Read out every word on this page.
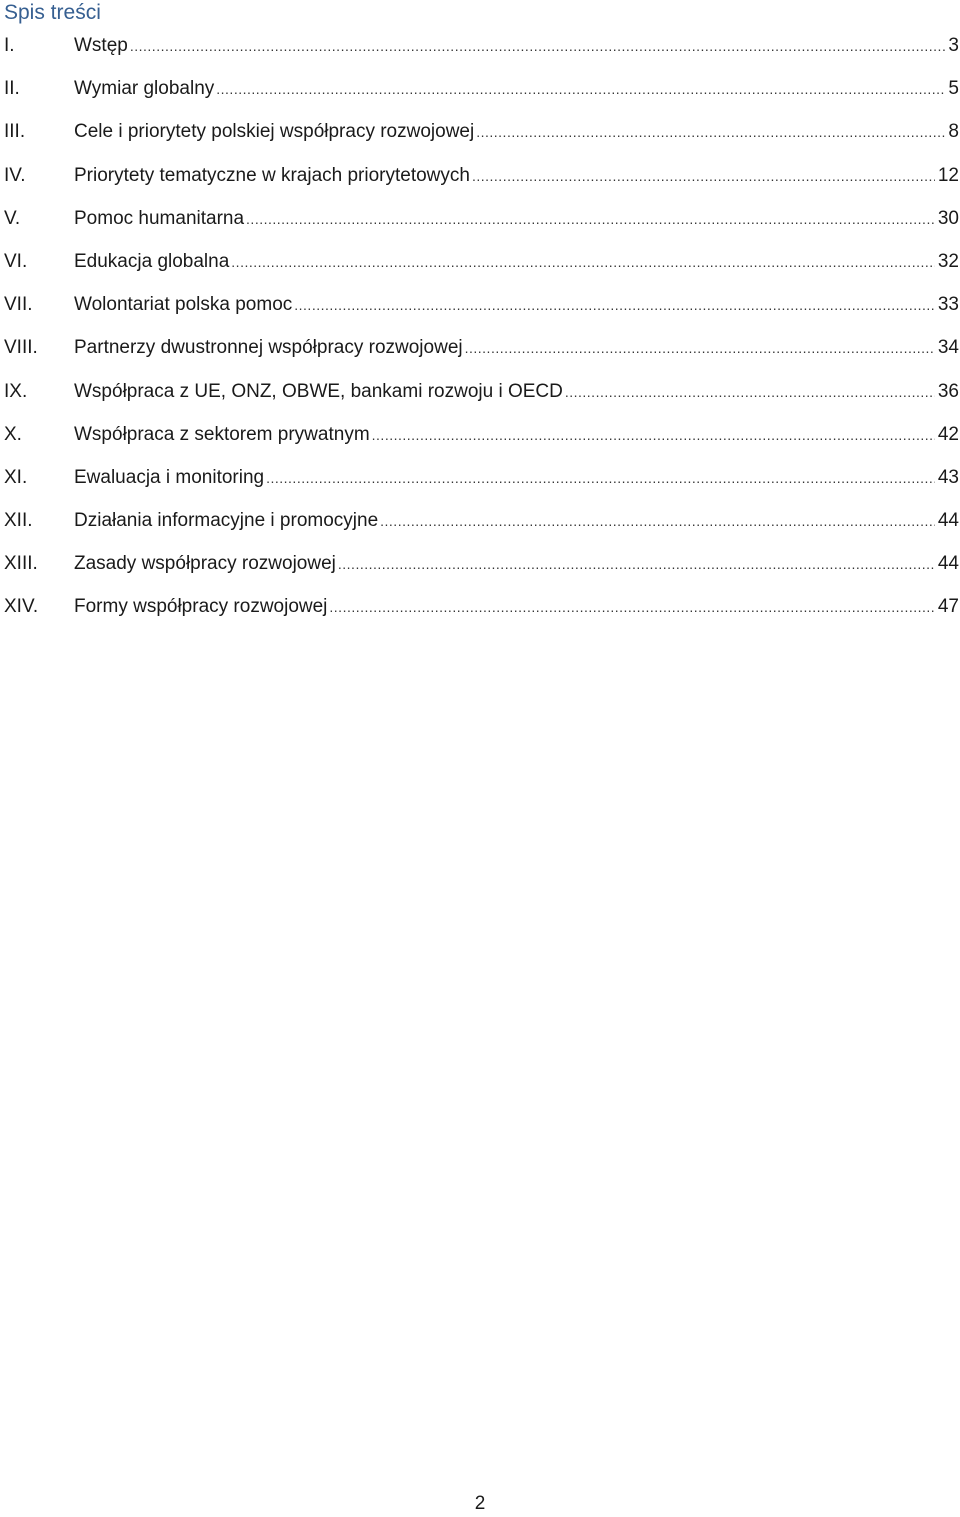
Spis treści
I.	Wstęp .....	3
II.	Wymiar globalny .....	5
III.	Cele i priorytety polskiej współpracy rozwojowej .....	8
IV.	Priorytety tematyczne w krajach priorytetowych .....	12
V.	Pomoc humanitarna .....	30
VI. Edukacja globalna .....	32
VII. Wolontariat polska pomoc .....	33
VIII. Partnerzy dwustronnej współpracy rozwojowej .....	34
IX. Współpraca z UE, ONZ, OBWE, bankami rozwoju i OECD .....	36
X.	Współpraca z sektorem prywatnym .....	42
XI. Ewaluacja i monitoring .....	43
XII. Działania informacyjne i promocyjne .....	44
XIII. Zasady współpracy rozwojowej .....	44
XIV. Formy współpracy rozwojowej .....	47
2
